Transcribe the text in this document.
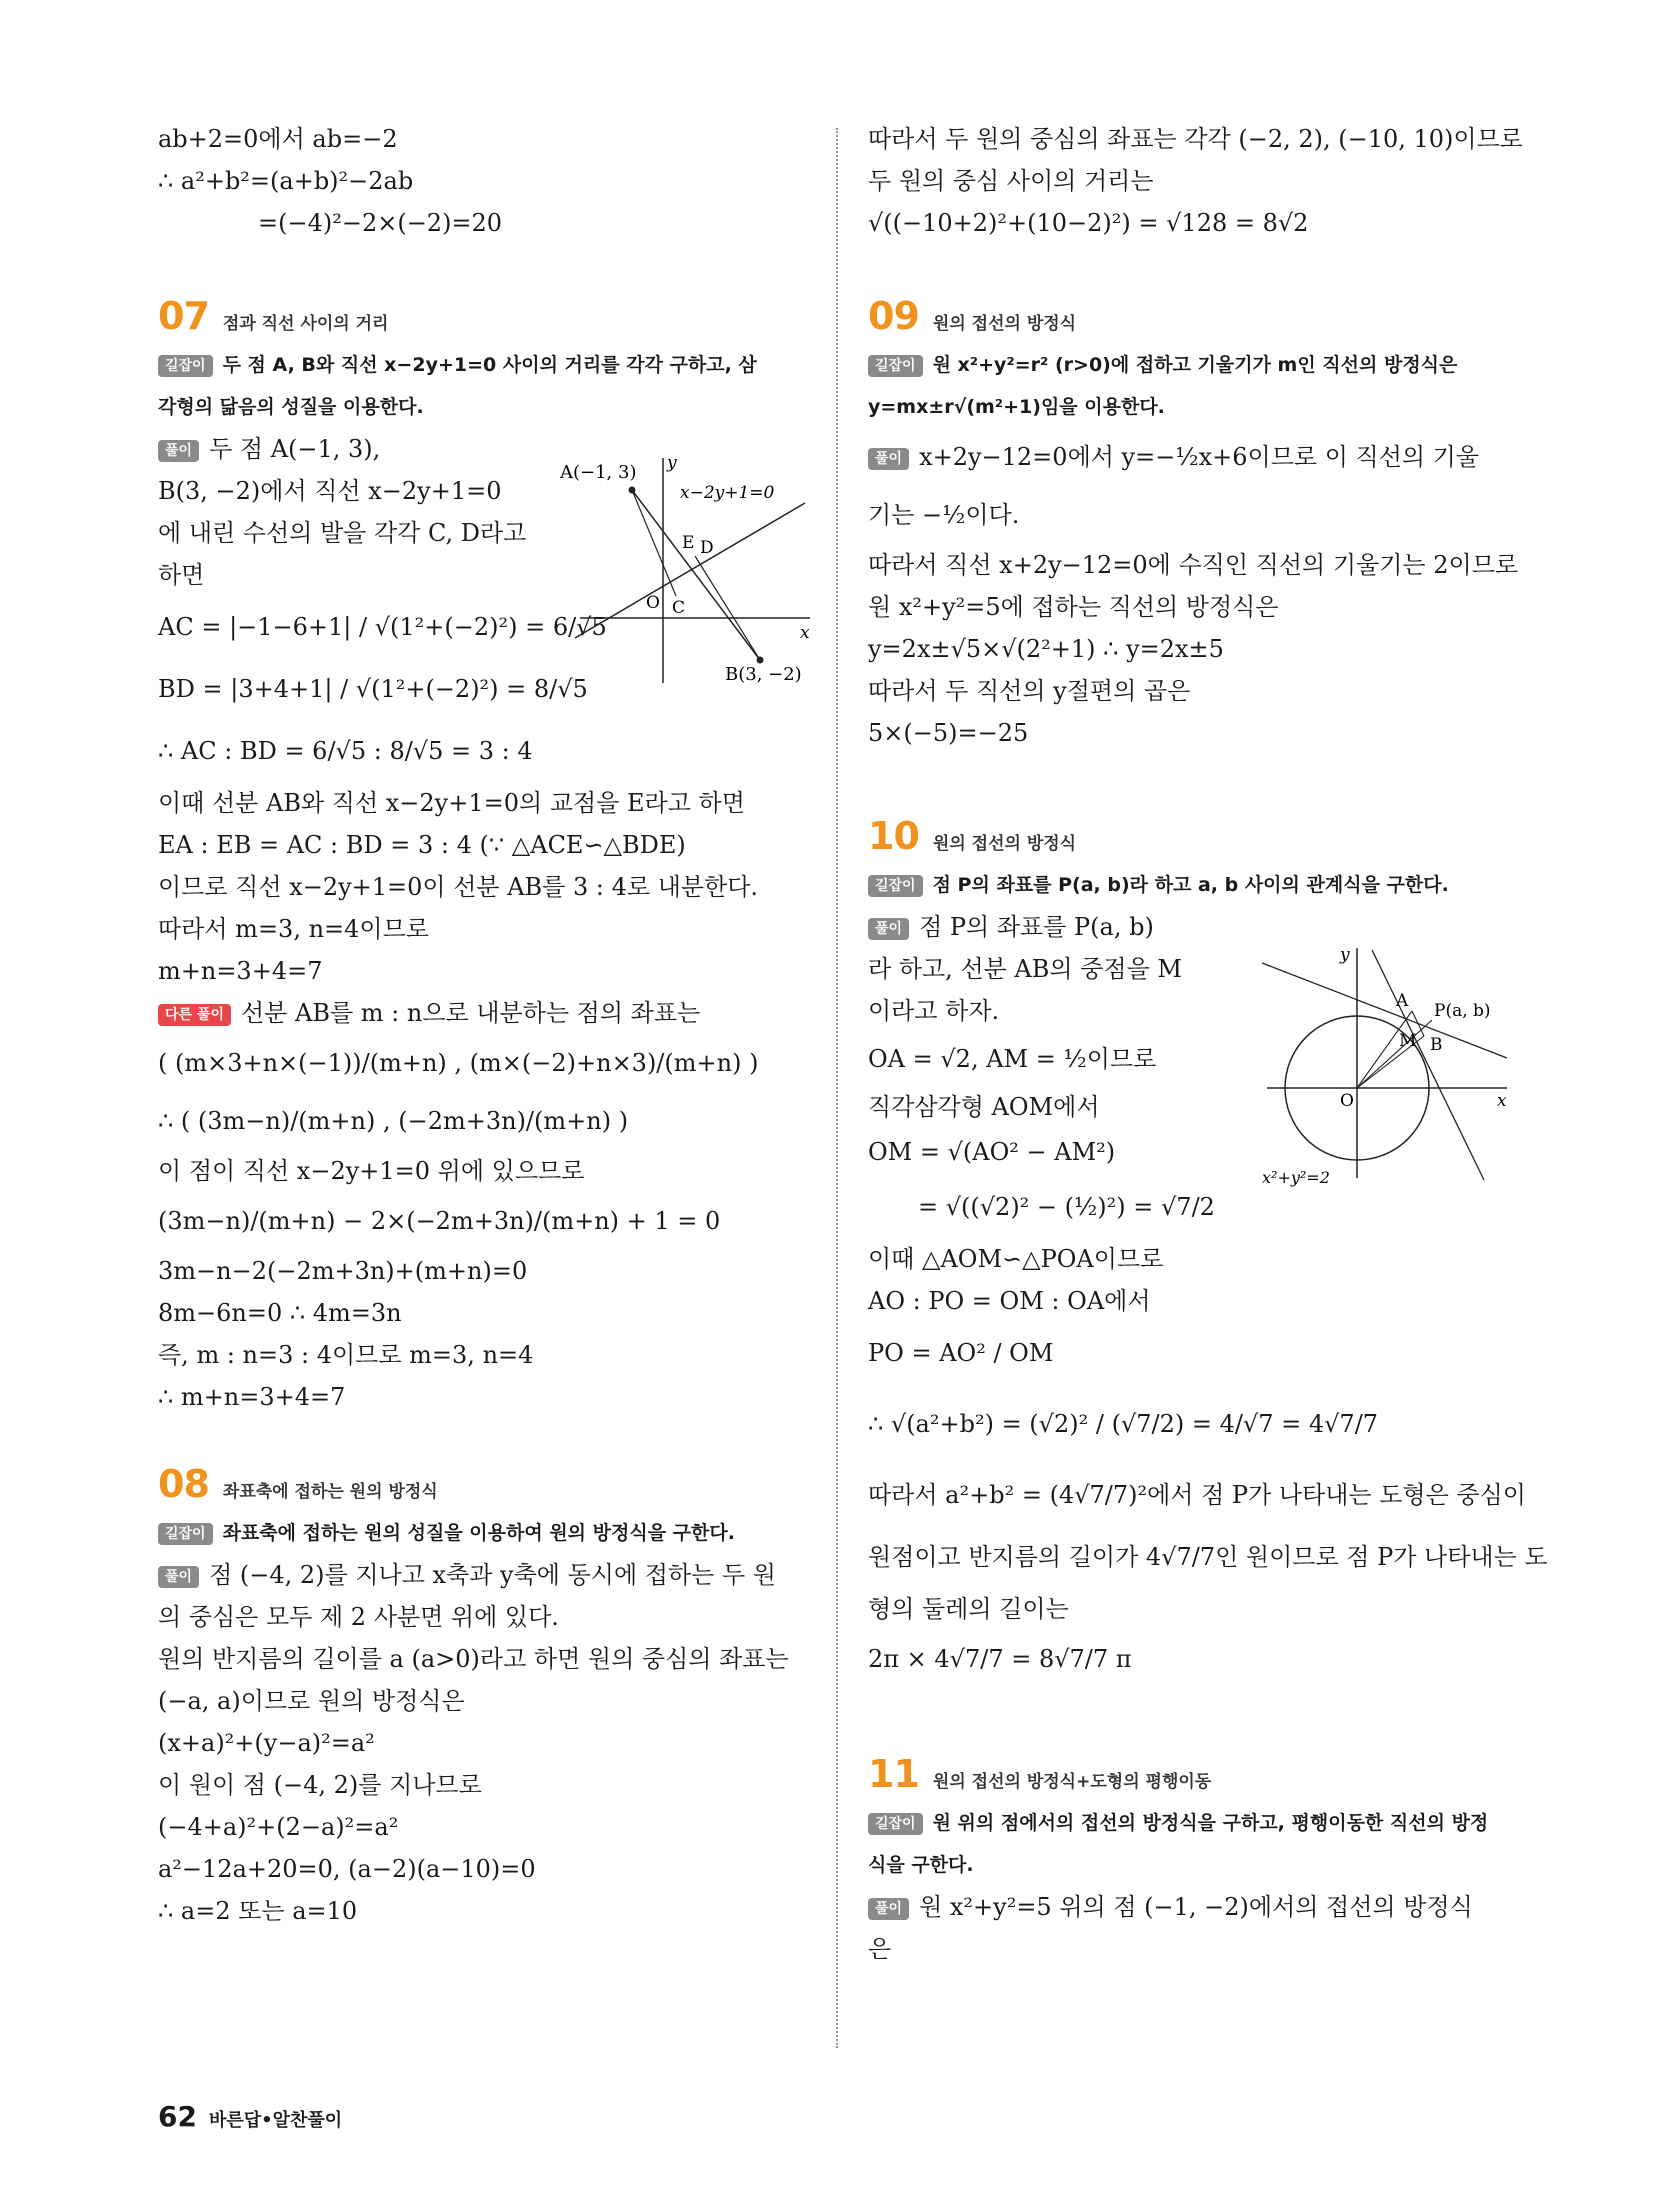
ab+2=0에서 ab=−2
∴ a²+b²=(a+b)²−2ab
=(−4)²−2×(−2)=20
07 점과 직선 사이의 거리
길잡이 두 점 A, B와 직선 x−2y+1=0 사이의 거리를 각각 구하고, 삼
각형의 닮음의 성질을 이용한다.
풀이 두 점 A(−1, 3),
B(3, −2)에서 직선 x−2y+1=0
에 내린 수선의 발을 각각 C, D라고
하면
AC = |−1−6+1| / √(1²+(−2)²) = 6/√5
BD = |3+4+1| / √(1²+(−2)²) = 8/√5
∴ AC : BD = 6/√5 : 8/√5 = 3 : 4
이때 선분 AB와 직선 x−2y+1=0의 교점을 E라고 하면
EA : EB = AC : BD = 3 : 4 (∵ △ACE∽△BDE)
이므로 직선 x−2y+1=0이 선분 AB를 3 : 4로 내분한다.
따라서 m=3, n=4이므로
m+n=3+4=7
다른 풀이 선분 AB를 m : n으로 내분하는 점의 좌표는
( (m×3+n×(−1))/(m+n) , (m×(−2)+n×3)/(m+n) )
∴ ( (3m−n)/(m+n) , (−2m+3n)/(m+n) )
이 점이 직선 x−2y+1=0 위에 있으므로
(3m−n)/(m+n) − 2×(−2m+3n)/(m+n) + 1 = 0
3m−n−2(−2m+3n)+(m+n)=0
8m−6n=0 ∴ 4m=3n
즉, m : n=3 : 4이므로 m=3, n=4
∴ m+n=3+4=7
08 좌표축에 접하는 원의 방정식
길잡이 좌표축에 접하는 원의 성질을 이용하여 원의 방정식을 구한다.
풀이 점 (−4, 2)를 지나고 x축과 y축에 동시에 접하는 두 원
의 중심은 모두 제 2 사분면 위에 있다.
원의 반지름의 길이를 a (a>0)라고 하면 원의 중심의 좌표는
(−a, a)이므로 원의 방정식은
(x+a)²+(y−a)²=a²
이 원이 점 (−4, 2)를 지나므로
(−4+a)²+(2−a)²=a²
a²−12a+20=0, (a−2)(a−10)=0
∴ a=2 또는 a=10
A(−1, 3)
B(3, −2)
x−2y+1=0
O C
D
E
x
y
따라서 두 원의 중심의 좌표는 각각 (−2, 2), (−10, 10)이므로
두 원의 중심 사이의 거리는
√((−10+2)²+(10−2)²) = √128 = 8√2
09 원의 접선의 방정식
길잡이 원 x²+y²=r² (r>0)에 접하고 기울기가 m인 직선의 방정식은
y=mx±r√(m²+1)임을 이용한다.
풀이 x+2y−12=0에서 y=−½x+6이므로 이 직선의 기울
기는 −½이다.
따라서 직선 x+2y−12=0에 수직인 직선의 기울기는 2이므로
원 x²+y²=5에 접하는 직선의 방정식은
y=2x±√5×√(2²+1) ∴ y=2x±5
따라서 두 직선의 y절편의 곱은
5×(−5)=−25
10 원의 접선의 방정식
길잡이 점 P의 좌표를 P(a, b)라 하고 a, b 사이의 관계식을 구한다.
풀이 점 P의 좌표를 P(a, b)
라 하고, 선분 AB의 중점을 M
이라고 하자.
OA = √2, AM = ½이므로
직각삼각형 AOM에서
OM = √(AO² − AM²)
= √((√2)² − (½)²) = √7/2
이때 △AOM∽△POA이므로
AO : PO = OM : OA에서
PO = AO² / OM
∴ √(a²+b²) = (√2)² / (√7/2) = 4/√7 = 4√7/7
따라서 a²+b² = (4√7/7)²에서 점 P가 나타내는 도형은 중심이
원점이고 반지름의 길이가 4√7/7인 원이므로 점 P가 나타내는 도
형의 둘레의 길이는
2π × 4√7/7 = 8√7/7 π
11 원의 접선의 방정식+도형의 평행이동
길잡이 원 위의 점에서의 접선의 방정식을 구하고, 평행이동한 직선의 방정
식을 구한다.
풀이 원 x²+y²=5 위의 점 (−1, −2)에서의 접선의 방정식
은
A
B
P(a, b)
M
O	x
y
x²+y²=2
62 바른답•알찬풀이
